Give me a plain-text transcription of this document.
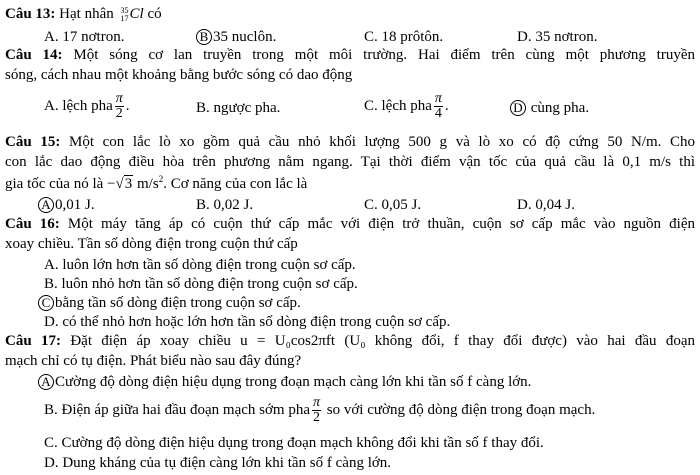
Câu 13: Hạt nhân 35
17 Cl có
A. 17 nơtron.	B 35 nuclôn.	C. 18 prôtôn.	D. 35 nơtron.
Câu 14: Một sóng cơ lan truyền trong một môi trường. Hai điểm trên cùng một phương truyền
sóng, cách nhau một khoảng bằng bước sóng có dao động
A. lệch pha $\frac{\pi}{2}$ .	B. ngược pha.	C. lệch pha $\frac{\pi}{4}$ .	D cùng pha.
Câu 15: Một con lắc lò xo gồm quả cầu nhỏ khối lượng 500 g và lò xo có độ cứng 50 N/m. Cho
con lắc dao động điều hòa trên phương nằm ngang. Tại thời điểm vận tốc của quả cầu là 0,1 m/s thì
gia tốc của nó là −√3 $m/s^2$. Cơ năng của con lắc là
A 0,01 J.	B. 0,02 J.	C. 0,05 J.	D. 0,04 J.
Câu 16: Một máy tăng áp có cuộn thứ cấp mắc với điện trở thuần, cuộn sơ cấp mắc vào nguồn điện
xoay chiều. Tần số dòng điện trong cuộn thứ cấp
A. luôn lớn hơn tần số dòng điện trong cuộn sơ cấp.
B. luôn nhỏ hơn tần số dòng điện trong cuộn sơ cấp.
C bằng tần số dòng điện trong cuộn sơ cấp.
D. có thể nhỏ hơn hoặc lớn hơn tần số dòng điện trong cuộn sơ cấp.
Câu 17: Đặt điện áp xoay chiều u = U₀cos2πft (U₀ không đổi, f thay đổi được) vào hai đầu đoạn
mạch chỉ có tụ điện. Phát biểu nào sau đây đúng?
A Cường độ dòng điện hiệu dụng trong đoạn mạch càng lớn khi tần số f càng lớn.
B. Điện áp giữa hai đầu đoạn mạch sớm pha $\frac{\pi}{2}$ so với cường độ dòng điện trong đoạn mạch.
C. Cường độ dòng điện hiệu dụng trong đoạn mạch không đổi khi tần số f thay đổi.
D. Dung kháng của tụ điện càng lớn khi tần số f càng lớn.
